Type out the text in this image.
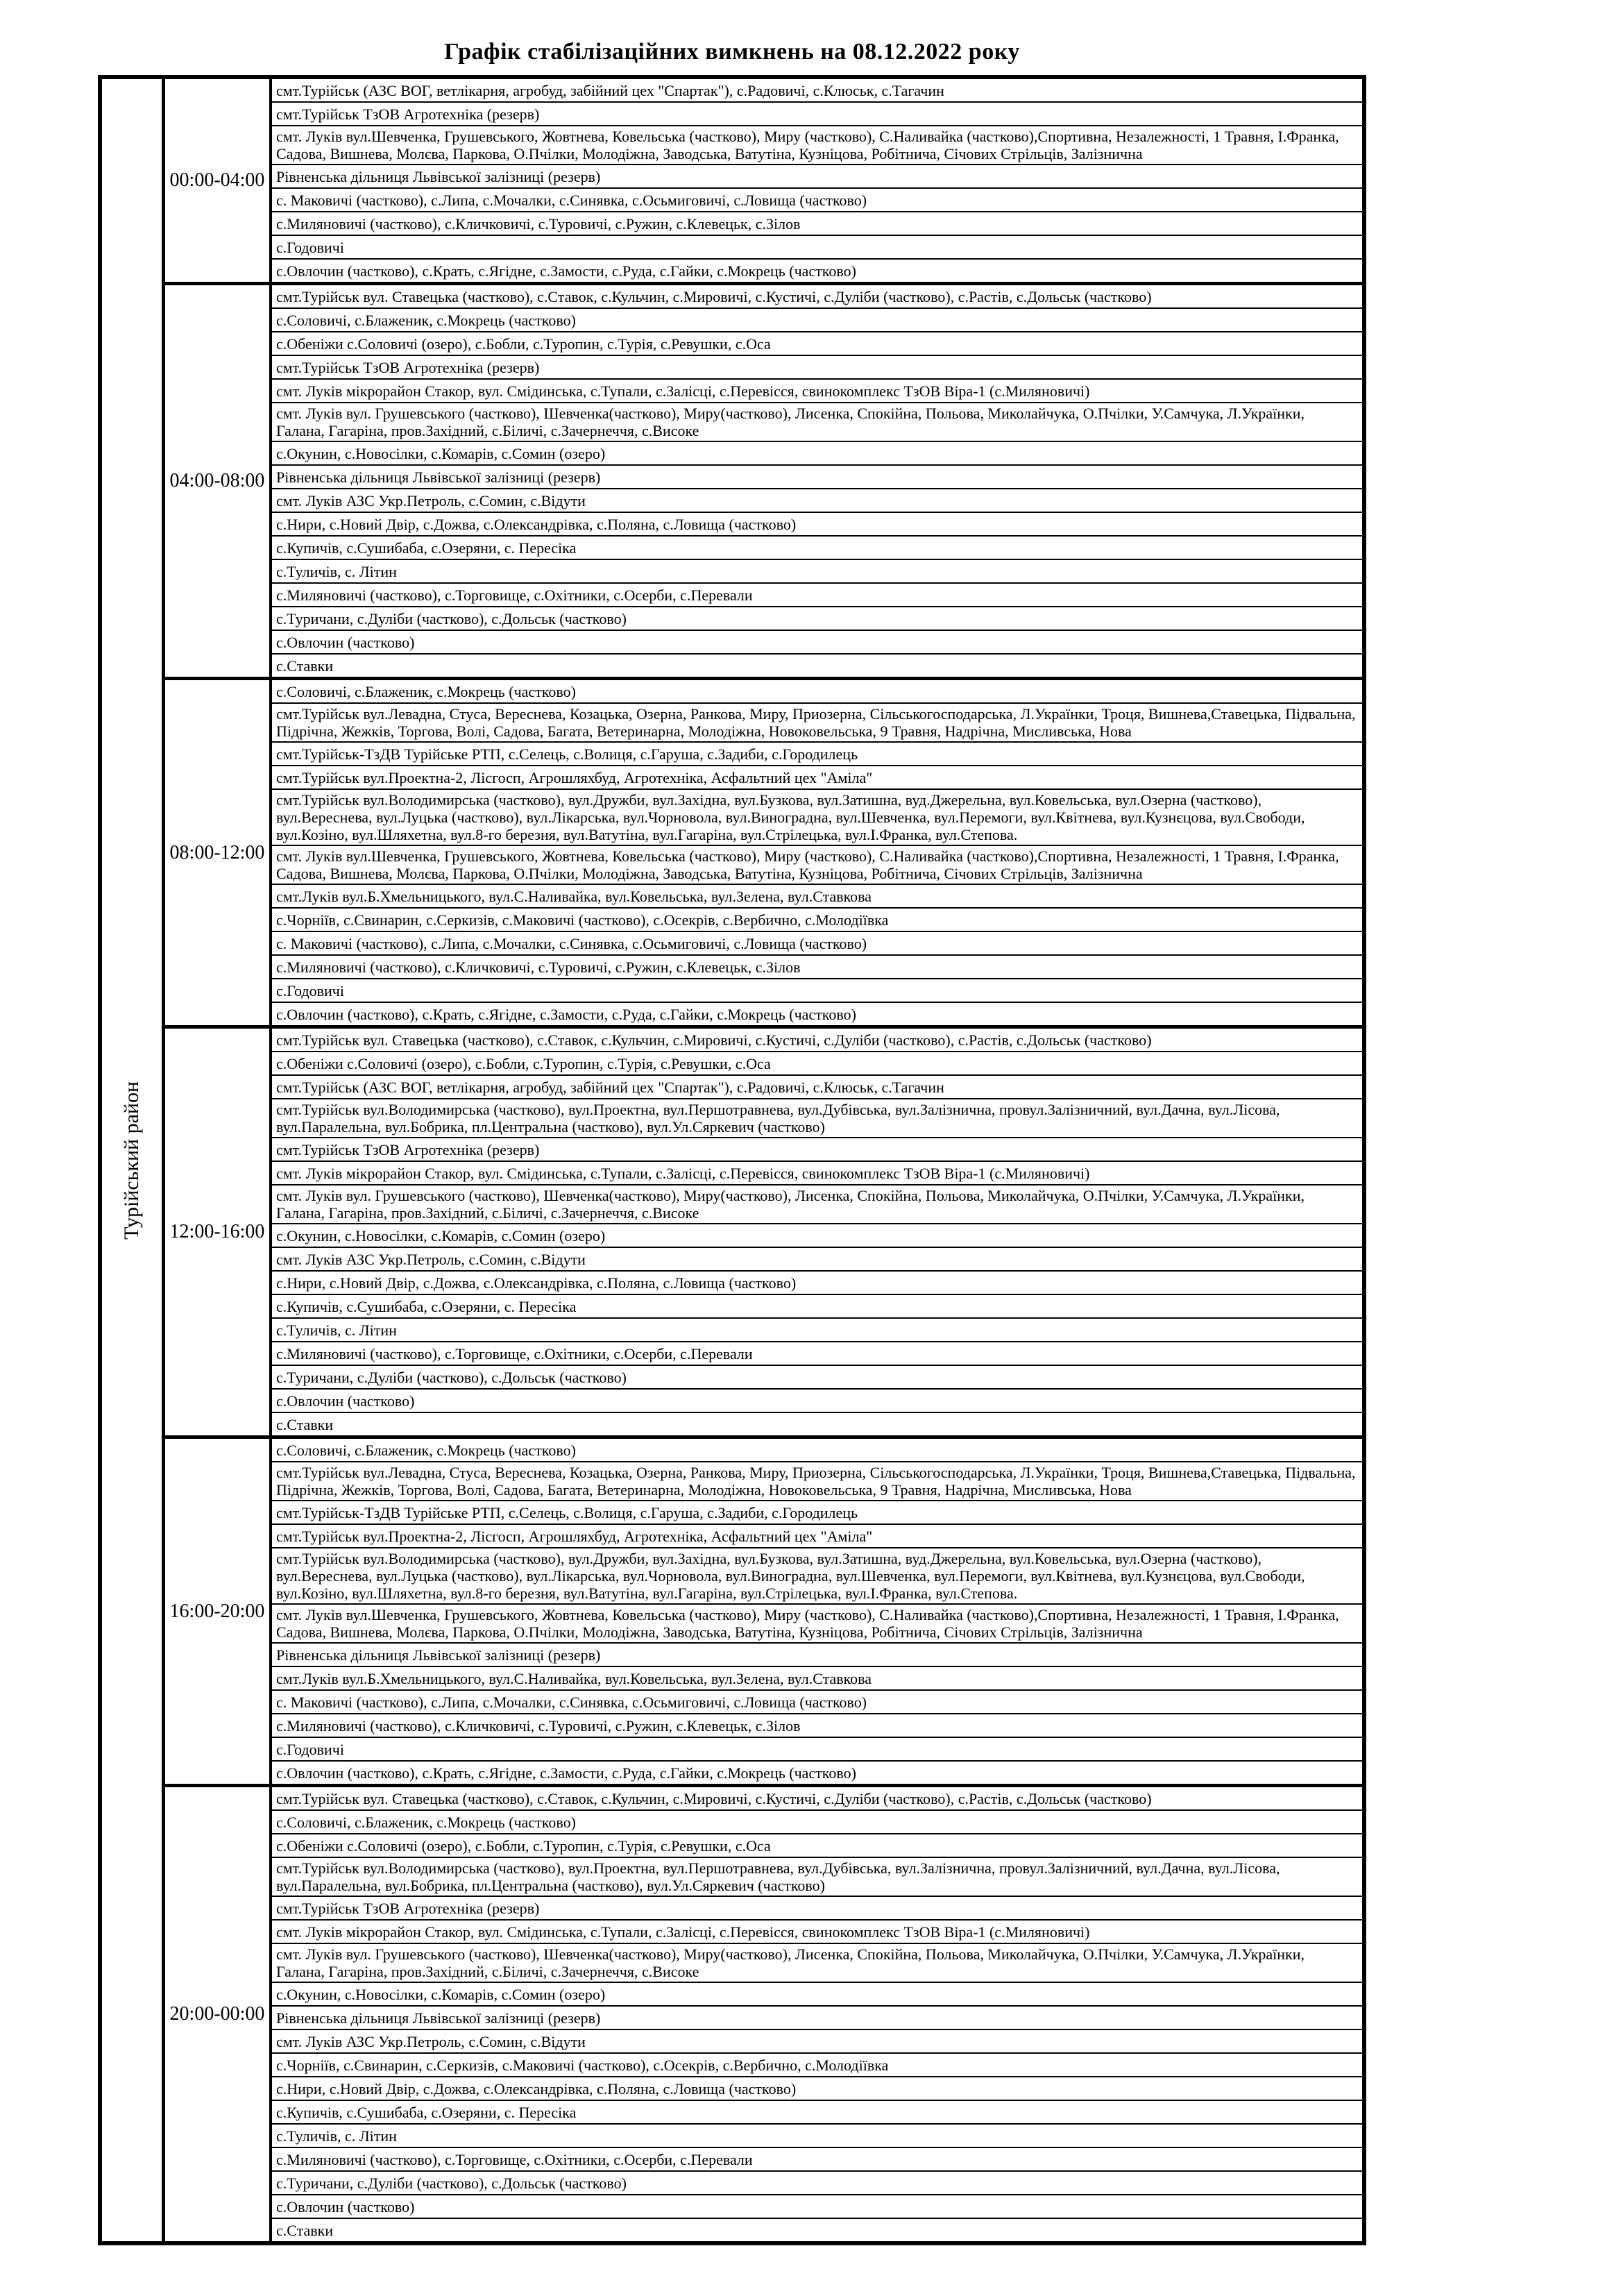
Графік стабілізаційних вимкнень на 08.12.2022 року
Турійський район
00:00-04:00
смт.Турійськ (АЗС ВОГ, ветлікарня, агробуд, забійний цех "Спартак"), с.Радовичі, с.Клюськ, с.Тагачин
смт.Турійськ ТзОВ Агротехніка (резерв)
смт. Луків вул.Шевченка, Грушевського, Жовтнева, Ковельська (частково), Миру (частково), С.Наливайка (частково),Спортивна, Незалежності, 1 Травня, І.Франка, Садова, Вишнева, Молєва, Паркова, О.Пчілки, Молодіжна, Заводська, Ватутіна, Кузніцова, Робітнича, Січових Стрільців, Залізнична
Рівненська дільниця Львівської залізниці (резерв)
с. Маковичі (частково), с.Липа, с.Мочалки, с.Синявка, с.Осьмиговичі, с.Ловища (частково)
с.Миляновичі (частково), с.Кличковичі, с.Туровичі, с.Ружин, с.Клевецьк, с.Зілов
с.Годовичі
с.Овлочин (частково), с.Крать, с.Ягідне, с.Замости, с.Руда, с.Гайки, с.Мокрець (частково)
04:00-08:00
смт.Турійськ вул. Ставецька (частково), с.Ставок, с.Кульчин, с.Мировичі, с.Кустичі, с.Дуліби (частково), с.Растів, с.Дольськ (частково)
с.Соловичі, с.Блаженик, с.Мокрець (частково)
с.Обеніжи с.Соловичі (озеро), с.Бобли, с.Туропин, с.Турія, с.Ревушки, с.Оса
смт.Турійськ ТзОВ Агротехніка (резерв)
смт. Луків мікрорайон Стакор, вул. Смідинська, с.Тупали, с.Залісці, с.Перевісся, свинокомплекс ТзОВ Віра-1 (с.Миляновичі)
смт. Луків вул. Грушевського (частково), Шевченка(частково), Миру(частково), Лисенка, Спокійна, Польова, Миколайчука, О.Пчілки, У.Самчука, Л.Українки, Галана, Гагаріна, пров.Західний, с.Біличі, с.Зачернеччя, с.Високе
с.Окунин, с.Новосілки, с.Комарів, с.Сомин (озеро)
Рівненська дільниця Львівської залізниці (резерв)
смт. Луків АЗС Укр.Петроль, с.Сомин, с.Відути
с.Нири, с.Новий Двір, с.Дожва, с.Олександрівка, с.Поляна, с.Ловища (частково)
с.Купичів, с.Сушибаба, с.Озеряни, с. Пересіка
с.Туличів, с. Літин
с.Миляновичі (частково), с.Торговище, с.Охітники, с.Осерби, с.Перевали
с.Туричани, с.Дуліби (частково), с.Дольськ (частково)
с.Овлочин (частково)
с.Ставки
08:00-12:00
с.Соловичі, с.Блаженик, с.Мокрець (частково)
смт.Турійськ вул.Левадна, Стуса, Вереснева, Козацька, Озерна, Ранкова, Миру, Приозерна, Сільськогосподарська, Л.Українки, Троця, Вишнева,Ставецька, Підвальна, Підрічна, Жежків, Торгова, Волі, Садова, Багата, Ветеринарна, Молодіжна, Новоковельська, 9 Травня, Надрічна, Мисливська, Нова
смт.Турійськ-ТзДВ Турійське РТП, с.Селець, с.Волиця, с.Гаруша, с.Задиби, с.Городилець
смт.Турійськ вул.Проектна-2, Лісгосп, Агрошляхбуд, Агротехніка, Асфальтний цех "Аміла"
смт.Турійськ вул.Володимирська (частково), вул.Дружби, вул.Західна, вул.Бузкова, вул.Затишна, вуд.Джерельна, вул.Ковельська, вул.Озерна (частково), вул.Вереснева, вул.Луцька (частково), вул.Лікарська, вул.Чорновола, вул.Виноградна, вул.Шевченка, вул.Перемоги, вул.Квітнева, вул.Кузнєцова, вул.Свободи, вул.Козіно, вул.Шляхетна, вул.8-го березня, вул.Ватутіна, вул.Гагаріна, вул.Стрілецька, вул.І.Франка, вул.Степова.
смт. Луків вул.Шевченка, Грушевського, Жовтнева, Ковельська (частково), Миру (частково), С.Наливайка (частково),Спортивна, Незалежності, 1 Травня, І.Франка, Садова, Вишнева, Молєва, Паркова, О.Пчілки, Молодіжна, Заводська, Ватутіна, Кузніцова, Робітнича, Січових Стрільців, Залізнична
смт.Луків вул.Б.Хмельницького, вул.С.Наливайка, вул.Ковельська, вул.Зелена, вул.Ставкова
с.Чорніїв, с.Свинарин, с.Серкизів, с.Маковичі (частково), с.Осекрів, с.Вербично, с.Молодіївка
с. Маковичі (частково), с.Липа, с.Мочалки, с.Синявка, с.Осьмиговичі, с.Ловища (частково)
с.Миляновичі (частково), с.Кличковичі, с.Туровичі, с.Ружин, с.Клевецьк, с.Зілов
с.Годовичі
с.Овлочин (частково), с.Крать, с.Ягідне, с.Замости, с.Руда, с.Гайки, с.Мокрець (частково)
12:00-16:00
смт.Турійськ вул. Ставецька (частково), с.Ставок, с.Кульчин, с.Мировичі, с.Кустичі, с.Дуліби (частково), с.Растів, с.Дольськ (частково)
с.Обеніжи с.Соловичі (озеро), с.Бобли, с.Туропин, с.Турія, с.Ревушки, с.Оса
смт.Турійськ (АЗС ВОГ, ветлікарня, агробуд, забійний цех "Спартак"), с.Радовичі, с.Клюськ, с.Тагачин
смт.Турійськ вул.Володимирська (частково), вул.Проектна, вул.Першотравнева, вул.Дубівська, вул.Залізнична, провул.Залізничний, вул.Дачна, вул.Лісова, вул.Паралельна, вул.Бобрика, пл.Центральна (частково), вул.Ул.Сяркевич (частково)
смт.Турійськ ТзОВ Агротехніка (резерв)
смт. Луків мікрорайон Стакор, вул. Смідинська, с.Тупали, с.Залісці, с.Перевісся, свинокомплекс ТзОВ Віра-1 (с.Миляновичі)
смт. Луків вул. Грушевського (частково), Шевченка(частково), Миру(частково), Лисенка, Спокійна, Польова, Миколайчука, О.Пчілки, У.Самчука, Л.Українки, Галана, Гагаріна, пров.Західний, с.Біличі, с.Зачернеччя, с.Високе
с.Окунин, с.Новосілки, с.Комарів, с.Сомин (озеро)
смт. Луків АЗС Укр.Петроль, с.Сомин, с.Відути
с.Нири, с.Новий Двір, с.Дожва, с.Олександрівка, с.Поляна, с.Ловища (частково)
с.Купичів, с.Сушибаба, с.Озеряни, с. Пересіка
с.Туличів, с. Літин
с.Миляновичі (частково), с.Торговище, с.Охітники, с.Осерби, с.Перевали
с.Туричани, с.Дуліби (частково), с.Дольськ (частково)
с.Овлочин (частково)
с.Ставки
16:00-20:00
с.Соловичі, с.Блаженик, с.Мокрець (частково)
смт.Турійськ вул.Левадна, Стуса, Вереснева, Козацька, Озерна, Ранкова, Миру, Приозерна, Сільськогосподарська, Л.Українки, Троця, Вишнева,Ставецька, Підвальна, Підрічна, Жежків, Торгова, Волі, Садова, Багата, Ветеринарна, Молодіжна, Новоковельська, 9 Травня, Надрічна, Мисливська, Нова
смт.Турійськ-ТзДВ Турійське РТП, с.Селець, с.Волиця, с.Гаруша, с.Задиби, с.Городилець
смт.Турійськ вул.Проектна-2, Лісгосп, Агрошляхбуд, Агротехніка, Асфальтний цех "Аміла"
смт.Турійськ вул.Володимирська (частково), вул.Дружби, вул.Західна, вул.Бузкова, вул.Затишна, вуд.Джерельна, вул.Ковельська, вул.Озерна (частково), вул.Вереснева, вул.Луцька (частково), вул.Лікарська, вул.Чорновола, вул.Виноградна, вул.Шевченка, вул.Перемоги, вул.Квітнева, вул.Кузнєцова, вул.Свободи, вул.Козіно, вул.Шляхетна, вул.8-го березня, вул.Ватутіна, вул.Гагаріна, вул.Стрілецька, вул.І.Франка, вул.Степова.
смт. Луків вул.Шевченка, Грушевського, Жовтнева, Ковельська (частково), Миру (частково), С.Наливайка (частково),Спортивна, Незалежності, 1 Травня, І.Франка, Садова, Вишнева, Молєва, Паркова, О.Пчілки, Молодіжна, Заводська, Ватутіна, Кузніцова, Робітнича, Січових Стрільців, Залізнична
Рівненська дільниця Львівської залізниці (резерв)
смт.Луків вул.Б.Хмельницького, вул.С.Наливайка, вул.Ковельська, вул.Зелена, вул.Ставкова
с. Маковичі (частково), с.Липа, с.Мочалки, с.Синявка, с.Осьмиговичі, с.Ловища (частково)
с.Миляновичі (частково), с.Кличковичі, с.Туровичі, с.Ружин, с.Клевецьк, с.Зілов
с.Годовичі
с.Овлочин (частково), с.Крать, с.Ягідне, с.Замости, с.Руда, с.Гайки, с.Мокрець (частково)
20:00-00:00
смт.Турійськ вул. Ставецька (частково), с.Ставок, с.Кульчин, с.Мировичі, с.Кустичі, с.Дуліби (частково), с.Растів, с.Дольськ (частково)
с.Соловичі, с.Блаженик, с.Мокрець (частково)
с.Обеніжи с.Соловичі (озеро), с.Бобли, с.Туропин, с.Турія, с.Ревушки, с.Оса
смт.Турійськ вул.Володимирська (частково), вул.Проектна, вул.Першотравнева, вул.Дубівська, вул.Залізнична, провул.Залізничний, вул.Дачна, вул.Лісова, вул.Паралельна, вул.Бобрика, пл.Центральна (частково), вул.Ул.Сяркевич (частково)
смт.Турійськ ТзОВ Агротехніка (резерв)
смт. Луків мікрорайон Стакор, вул. Смідинська, с.Тупали, с.Залісці, с.Перевісся, свинокомплекс ТзОВ Віра-1 (с.Миляновичі)
смт. Луків вул. Грушевського (частково), Шевченка(частково), Миру(частково), Лисенка, Спокійна, Польова, Миколайчука, О.Пчілки, У.Самчука, Л.Українки, Галана, Гагаріна, пров.Західний, с.Біличі, с.Зачернеччя, с.Високе
с.Окунин, с.Новосілки, с.Комарів, с.Сомин (озеро)
Рівненська дільниця Львівської залізниці (резерв)
смт. Луків АЗС Укр.Петроль, с.Сомин, с.Відути
с.Чорніїв, с.Свинарин, с.Серкизів, с.Маковичі (частково), с.Осекрів, с.Вербично, с.Молодіївка
с.Нири, с.Новий Двір, с.Дожва, с.Олександрівка, с.Поляна, с.Ловища (частково)
с.Купичів, с.Сушибаба, с.Озеряни, с. Пересіка
с.Туличів, с. Літин
с.Миляновичі (частково), с.Торговище, с.Охітники, с.Осерби, с.Перевали
с.Туричани, с.Дуліби (частково), с.Дольськ (частково)
с.Овлочин (частково)
с.Ставки
